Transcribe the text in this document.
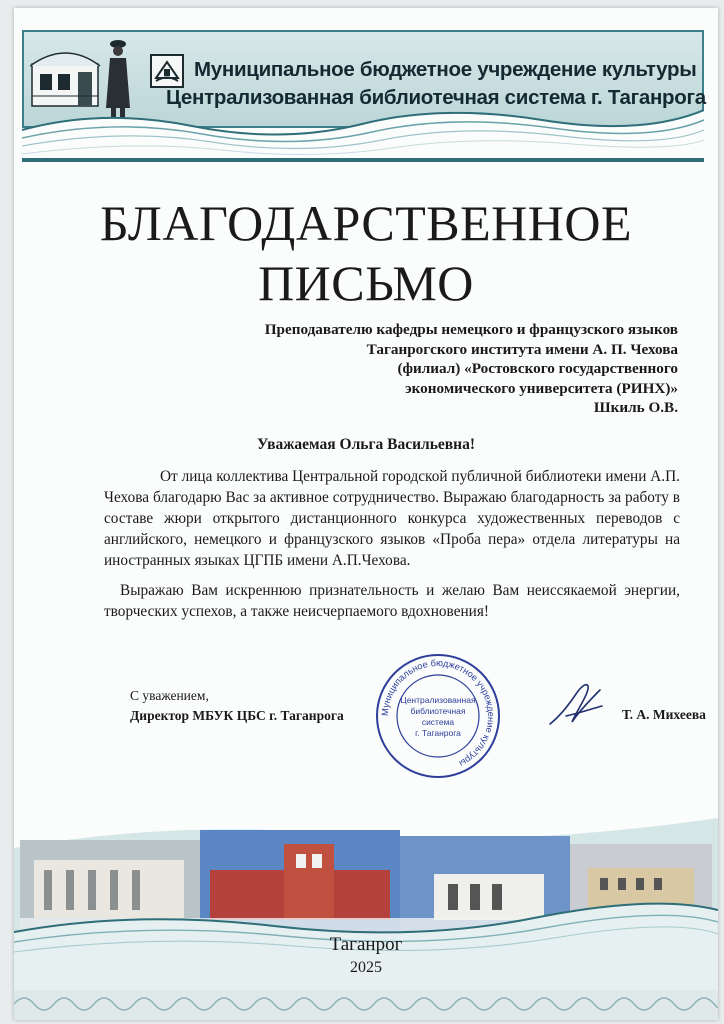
Муниципальное бюджетное учреждение культуры
Централизованная библиотечная система г. Таганрога
БЛАГОДАРСТВЕННОЕ
ПИСЬМО
Преподавателю кафедры немецкого и французского языков
Таганрогского института имени А. П. Чехова
(филиал) «Ростовского государственного
экономического университета (РИНХ)»
Шкиль О.В.
Уважаемая Ольга Васильевна!
От лица коллектива Центральной городской публичной библиотеки имени А.П. Чехова благодарю Вас за активное сотрудничество. Выражаю благодарность за работу в составе жюри открытого дистанционного конкурса художественных переводов с английского, немецкого и французского языков «Проба пера» отдела литературы на иностранных языках ЦГПБ имени А.П.Чехова.
Выражаю Вам искреннюю признательность и желаю Вам неиссякаемой энергии, творческих успехов, а также неисчерпаемого вдохновения!
С уважением,
Директор МБУК ЦБС г. Таганрога	Муниципальное бюджетное учреждение культуры
Централизованная
библиотечная
система
г. Таганрога
Т. А. Михеева
Таганрог
2025
